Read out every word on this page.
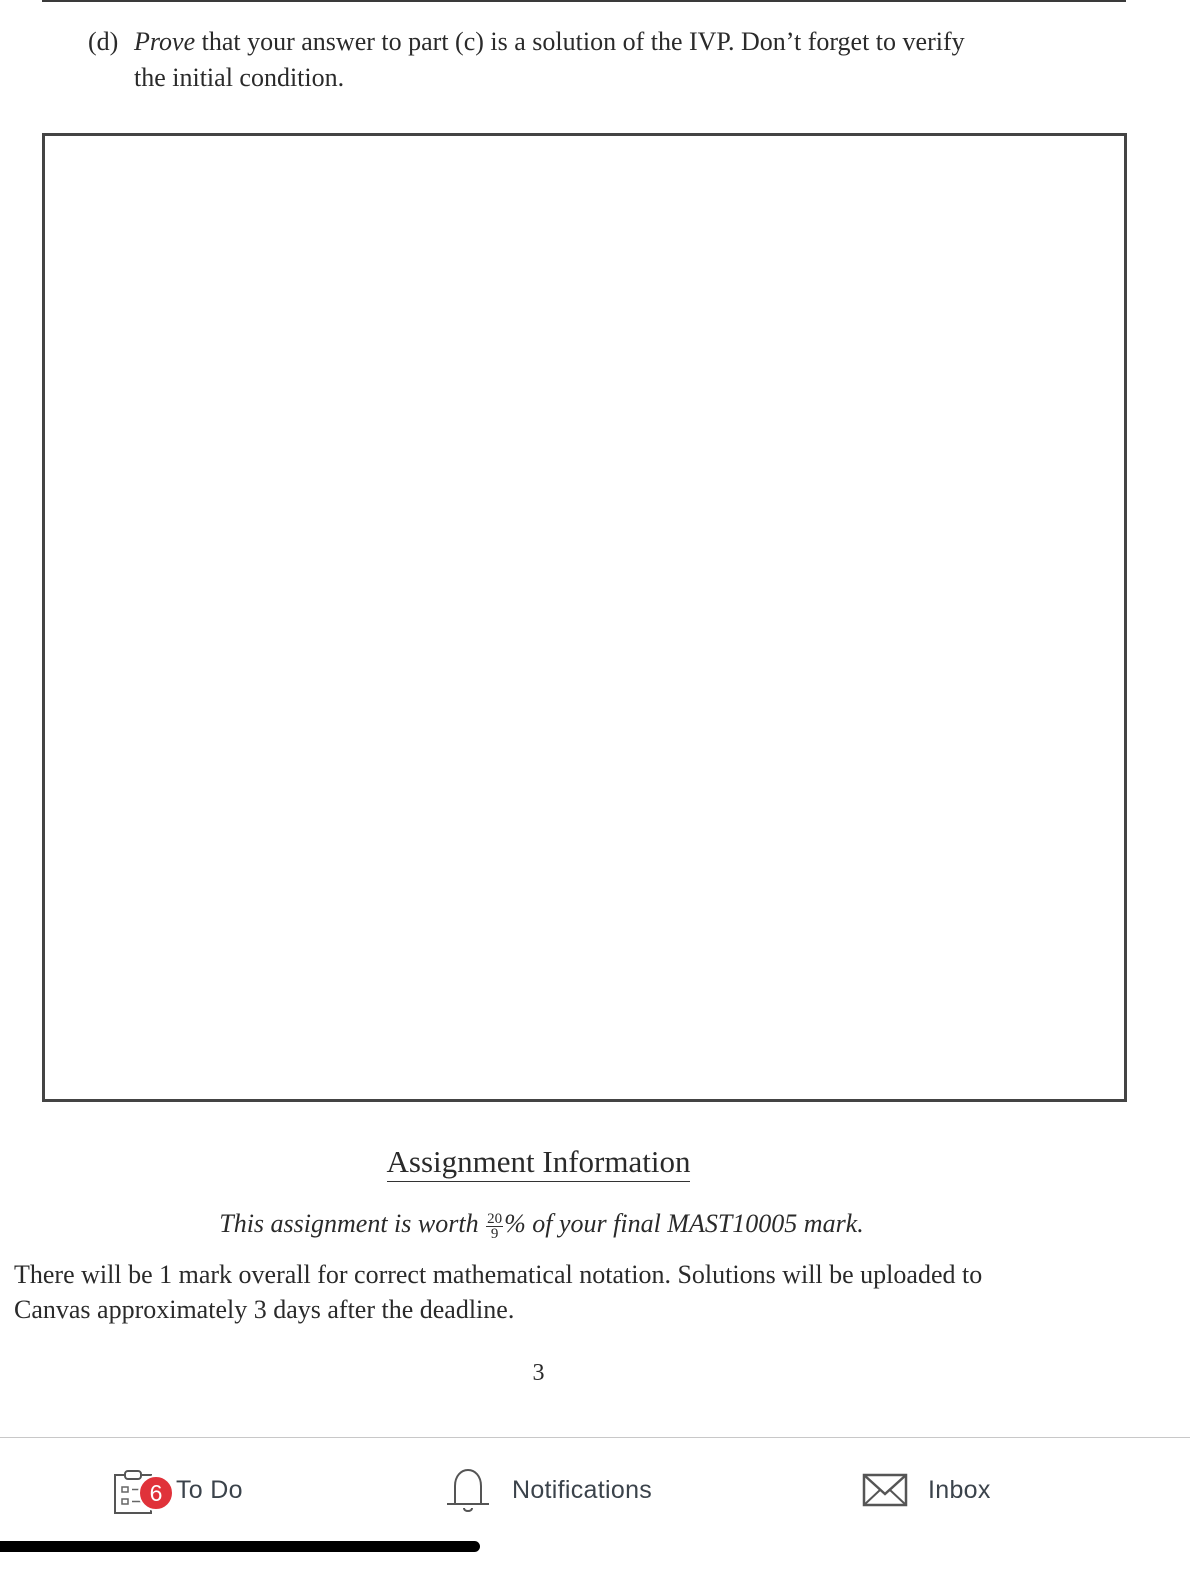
(d) Prove that your answer to part (c) is a solution of the IVP. Don’t forget to verify
the initial condition.
Assignment Information
This assignment is worth $\frac{20}{9}$ % of your final MAST10005 mark.
There will be 1 mark overall for correct mathematical notation. Solutions will be uploaded to
Canvas approximately 3 days after the deadline.
3
6 To Do	Notifications	Inbox
